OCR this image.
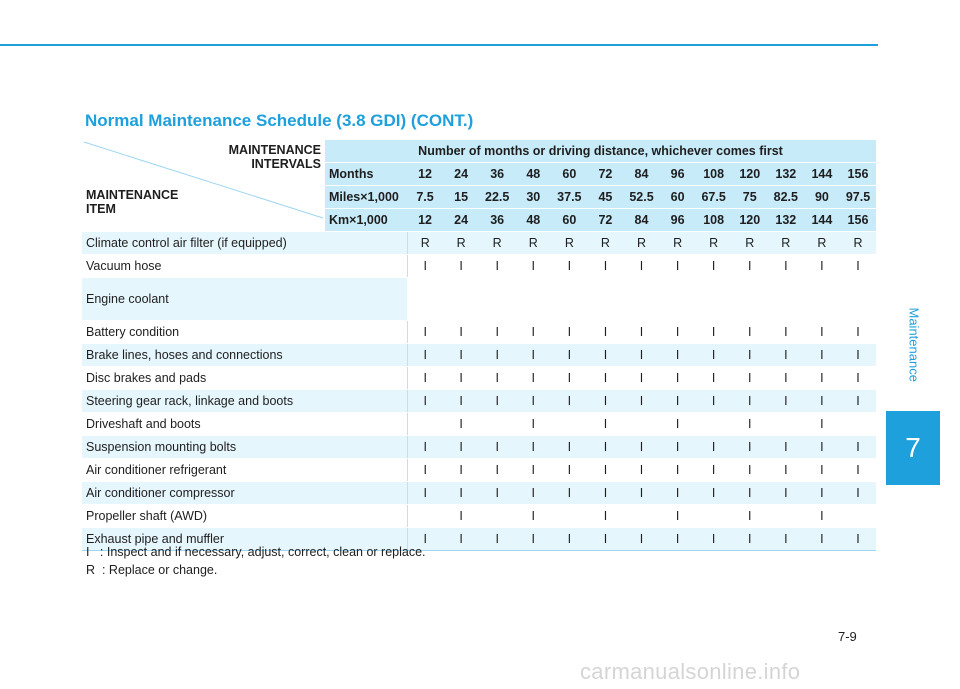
7
Maintenance
Normal Maintenance Schedule (3.8 GDI) (CONT.)
MAINTENANCE
INTERVALS
MAINTENANCE
ITEM	Number of months or driving distance, whichever comes first													
	Months	12	24	36	48	60	72	84	96	108	120	132	144	156
	Miles×1,000	7.5	15	22.5	30	37.5	45	52.5	60	67.5	75	82.5	90	97.5
	Km×1,000	12	24	36	48	60	72	84	96	108	120	132	144	156
Climate control air filter (if equipped)		R	R	R	R	R	R	R	R	R	R	R	R	R
Vacuum hose		I	I	I	I	I	I	I	I	I	I	I	I	I
Engine coolant														
Battery condition		I	I	I	I	I	I	I	I	I	I	I	I	I
Brake lines, hoses and connections		I	I	I	I	I	I	I	I	I	I	I	I	I
Disc brakes and pads		I	I	I	I	I	I	I	I	I	I	I	I	I
Steering gear rack, linkage and boots		I	I	I	I	I	I	I	I	I	I	I	I	I
Driveshaft and boots			I		I		I		I		I		I	
Suspension mounting bolts		I	I	I	I	I	I	I	I	I	I	I	I	I
Air conditioner refrigerant		I	I	I	I	I	I	I	I	I	I	I	I	I
Air conditioner compressor		I	I	I	I	I	I	I	I	I	I	I	I	I
Propeller shaft (AWD)			I		I		I		I		I		I	
Exhaust pipe and muffler		I	I	I	I	I	I	I	I	I	I	I	I	I
I : Inspect and if necessary, adjust, correct, clean or replace.
R : Replace or change.
7-9
carmanualsonline.info
